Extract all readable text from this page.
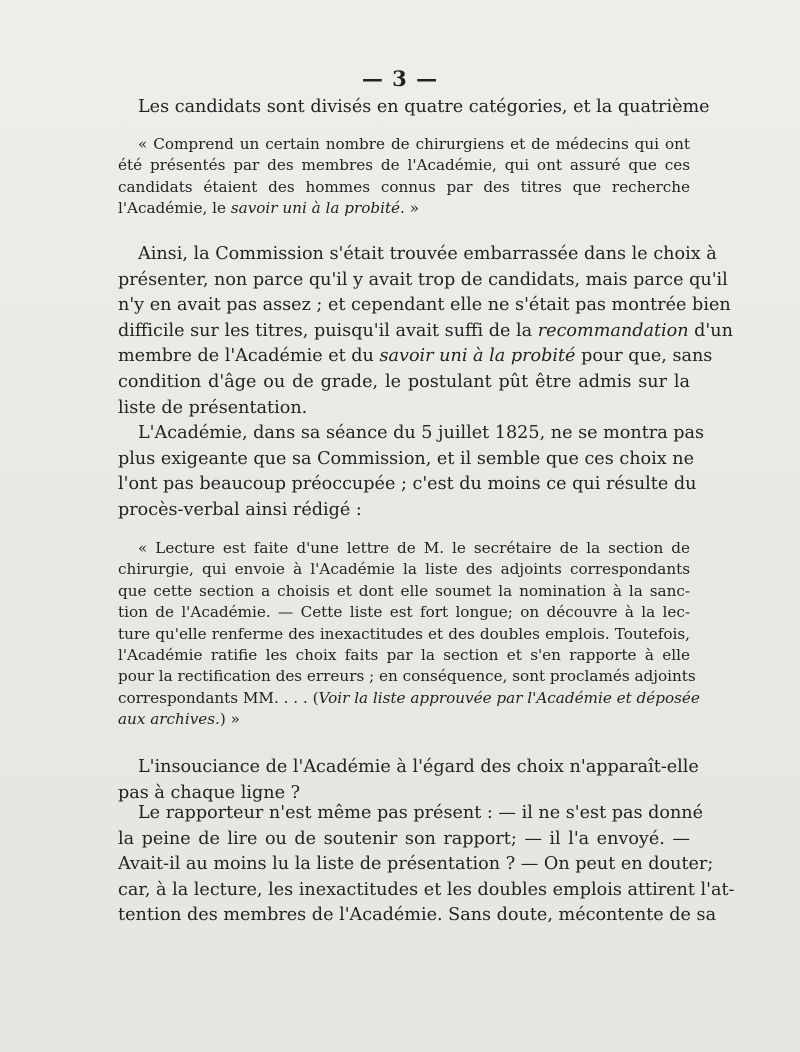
— 3 —
Les candidats sont divisés en quatre catégories, et la quatrième
« Comprend un certain nombre de chirurgiens et de médecins qui ont
été présentés par des membres de l'Académie, qui ont assuré que ces
candidats étaient des hommes connus par des titres que recherche
l'Académie, le savoir uni à la probité. »
Ainsi, la Commission s'était trouvée embarrassée dans le choix à
présenter, non parce qu'il y avait trop de candidats, mais parce qu'il
n'y en avait pas assez ; et cependant elle ne s'était pas montrée bien
difficile sur les titres, puisqu'il avait suffi de la recommandation d'un
membre de l'Académie et du savoir uni à la probité pour que, sans
condition d'âge ou de grade, le postulant pût être admis sur la
liste de présentation.
L'Académie, dans sa séance du 5 juillet 1825, ne se montra pas
plus exigeante que sa Commission, et il semble que ces choix ne
l'ont pas beaucoup préoccupée ; c'est du moins ce qui résulte du
procès-verbal ainsi rédigé :
« Lecture est faite d'une lettre de M. le secrétaire de la section de
chirurgie, qui envoie à l'Académie la liste des adjoints correspondants
que cette section a choisis et dont elle soumet la nomination à la sanc-
tion de l'Académie. — Cette liste est fort longue; on découvre à la lec-
ture qu'elle renferme des inexactitudes et des doubles emplois. Toutefois,
l'Académie ratifie les choix faits par la section et s'en rapporte à elle
pour la rectification des erreurs ; en conséquence, sont proclamés adjoints
correspondants MM. . . . (Voir la liste approuvée par l'Académie et déposée
aux archives.) »
L'insouciance de l'Académie à l'égard des choix n'apparaît-elle
pas à chaque ligne ?
Le rapporteur n'est même pas présent : — il ne s'est pas donné
la peine de lire ou de soutenir son rapport; — il l'a envoyé. —
Avait-il au moins lu la liste de présentation ? — On peut en douter;
car, à la lecture, les inexactitudes et les doubles emplois attirent l'at-
tention des membres de l'Académie. Sans doute, mécontente de sa
